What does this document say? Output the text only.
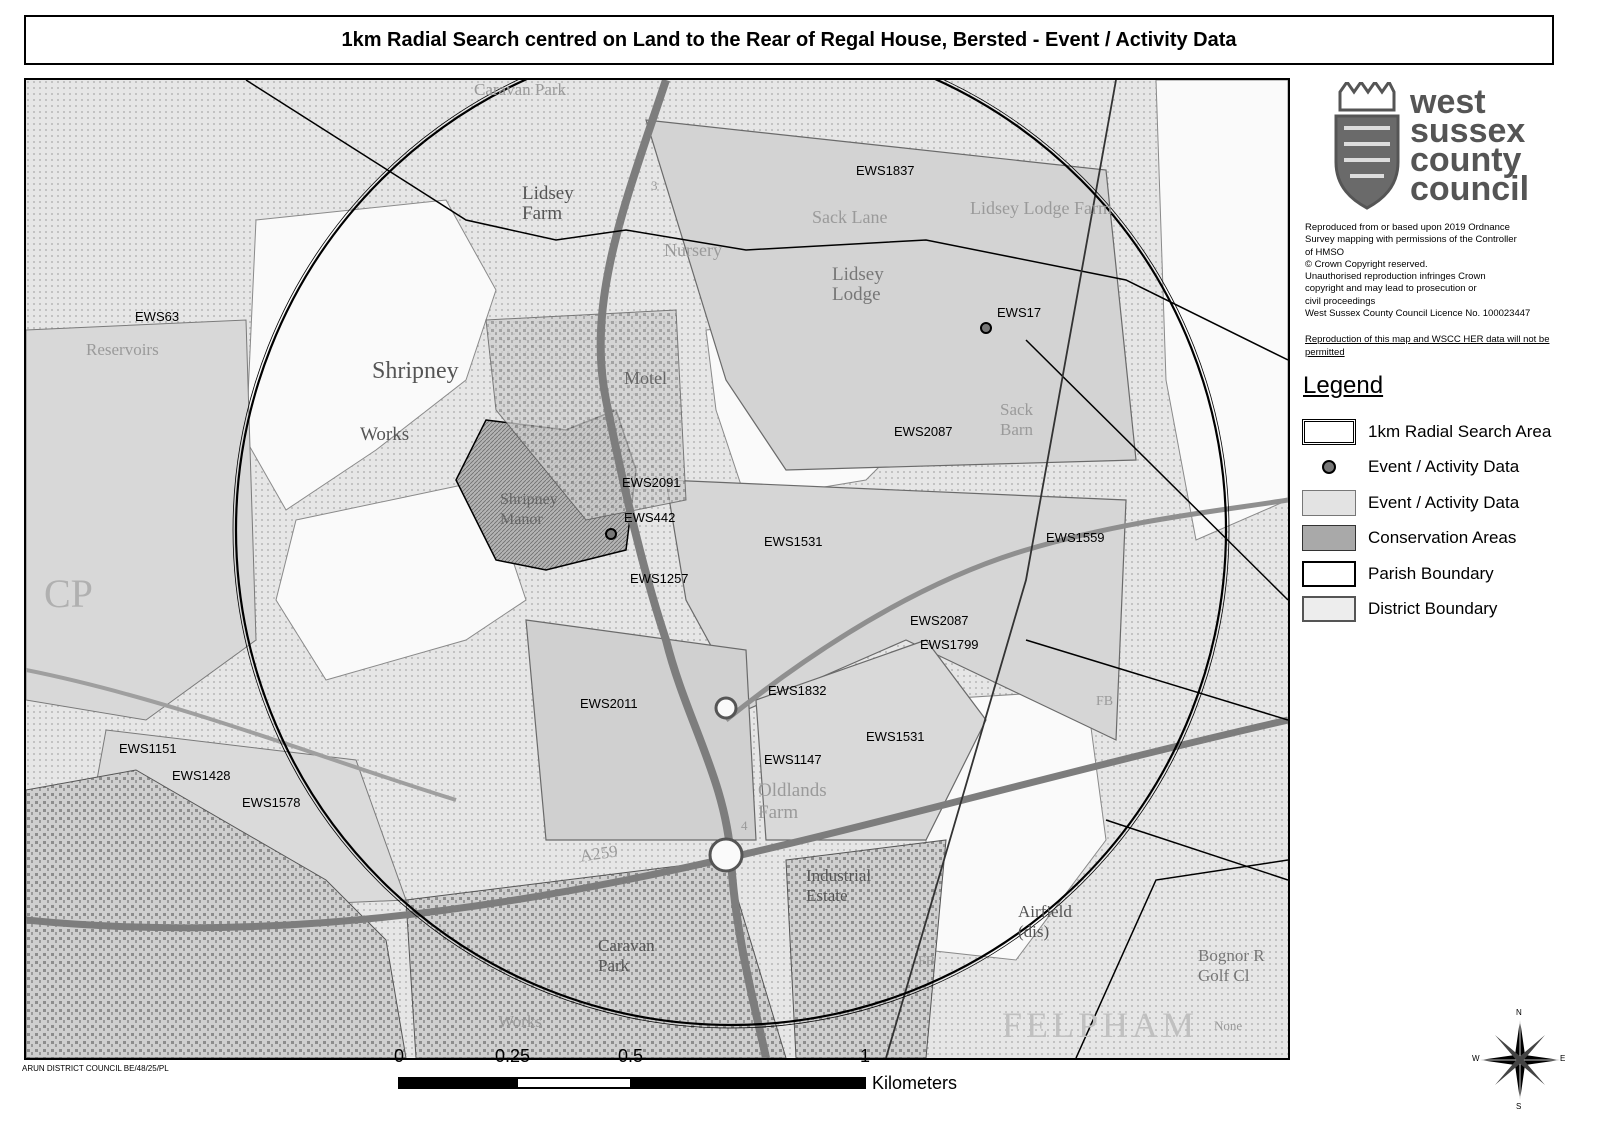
1km Radial Search centred on Land to the Rear of Regal House, Bersted - Event / Activity Data
Caravan Park
Lidsey Farm
Nursery
Sack Lane	Lidsey Lodge Farm
Lidsey Lodge
Reservoirs
Shripney	Motel
Sack Barn
Works
Shripney Manor
CP
Oldlands Farm
A259
Industrial Estate
Caravan Park
Airfield (dis)
FB
FB
Works	FELPHAM None
Bognor R Golf Cl
3
4
EWS1837
EWS63	EWS17
EWS2087
EWS2091
EWS442
EWS1531	EWS1559
EWS1257
EWS2087
EWS1799
EWS1832
EWS2011
EWS1147
EWS1531
EWS1151
EWS1428
EWS1578
west sussex county council
Reproduced from or based upon 2019 Ordnance
Survey mapping with permissions of the Controller
of HMSO
© Crown Copyright reserved.
Unauthorised reproduction infringes Crown
copyright and may lead to prosecution or
civil proceedings
West Sussex County Council Licence No. 100023447
Reproduction of this map and WSCC HER data will not be permitted
Legend
1km Radial Search Area
Event / Activity Data
Event / Activity Data
Conservation Areas
Parish Boundary
District Boundary
ARUN DISTRICT COUNCIL BE/48/25/PL
0	0.25	0.5	1
Kilometers
N
E
S
W
